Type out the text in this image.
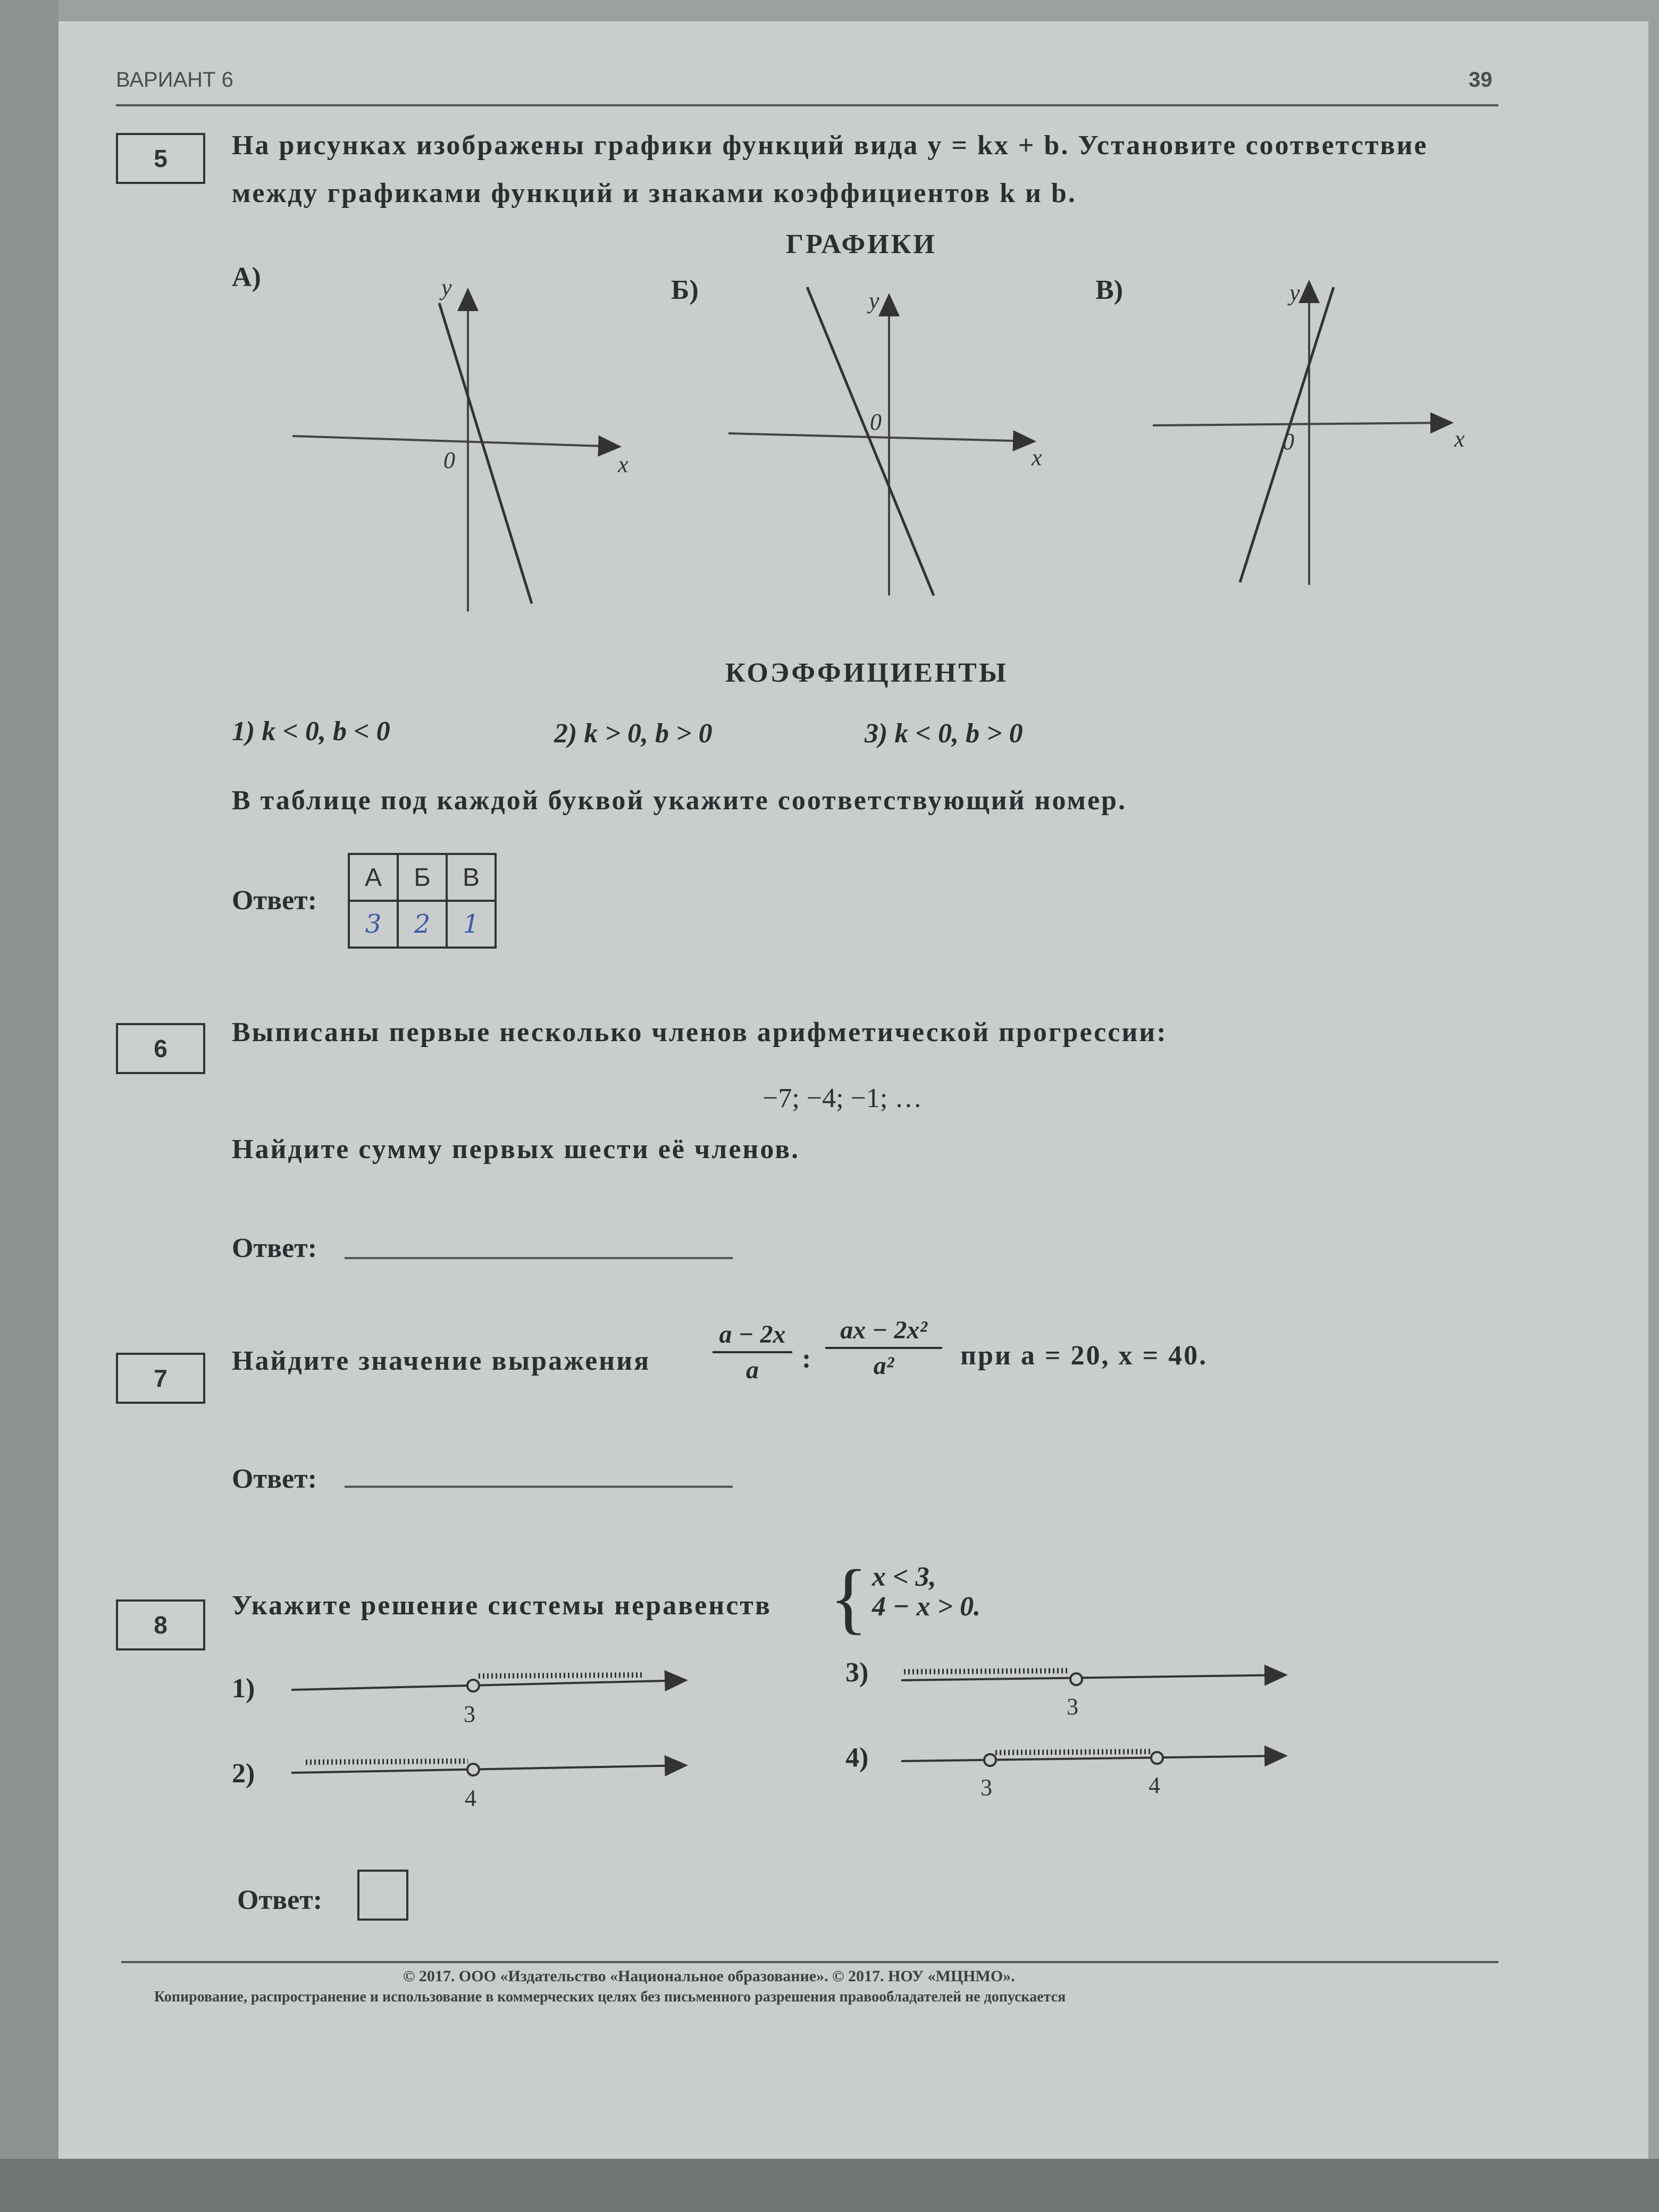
ВАРИАНТ 6	39
5	На рисунках изображены графики функций вида y = kx + b. Установите соответствие
между графиками функций и знаками коэффициентов k и b.
ГРАФИКИ
А)	Б)	В)
0	x
y
0
x
y
0	x
y
3
4
3
3	4
КОЭФФИЦИЕНТЫ
1) k < 0, b < 0	2) k > 0, b > 0	3) k < 0, b > 0
В таблице под каждой буквой укажите соответствующий номер.
Ответ:
А	Б	В
3	2	1
6
Выписаны первые несколько членов арифметической прогрессии:
−7; −4; −1; …
Найдите сумму первых шести её членов.
Ответ:
7
Найдите значение выражения
a − 2x
a	:
ax − 2x²
a²	при a = 20, x = 40.
Ответ:
8
Укажите решение системы неравенств { x < 3,
4 − x > 0.
1)
2)
3)
4)
Ответ:
© 2017. ООО «Издательство «Национальное образование». © 2017. НОУ «МЦНМО».
Копирование, распространение и использование в коммерческих целях без письменного разрешения правообладателей не допускается
